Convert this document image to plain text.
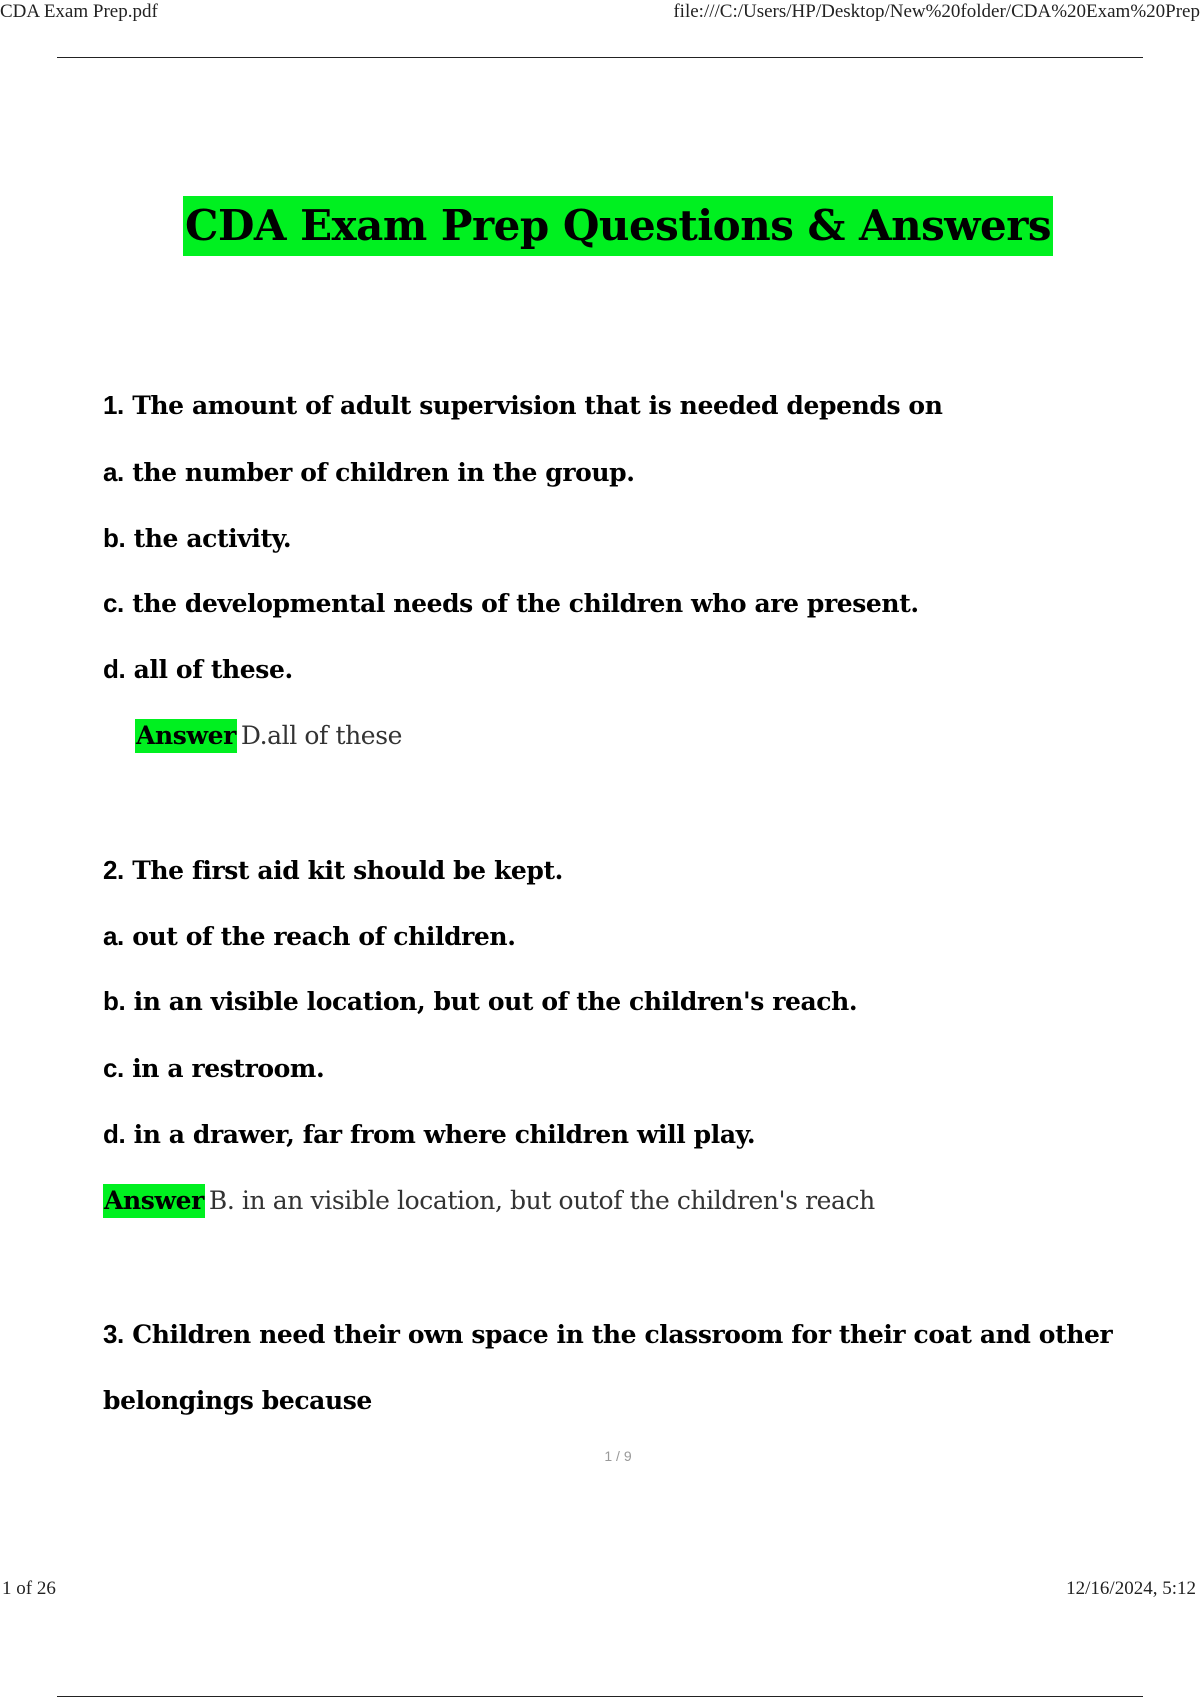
CDA Exam Prep.pdf	file:///C:/Users/HP/Desktop/New%20folder/CDA%20Exam%20Prep
CDA Exam Prep Questions & Answers
1. The amount of adult supervision that is needed depends on
a. the number of children in the group.
b. the activity.
c. the developmental needs of the children who are present.
d. all of these.
Answer D.all of these
2. The first aid kit should be kept.
a. out of the reach of children.
b. in an visible location, but out of the children's reach.
c. in a restroom.
d. in a drawer, far from where children will play.
Answer B. in an visible location, but outof the children's reach
3. Children need their own space in the classroom for their coat and other
belongings because
1 / 9
1 of 26	12/16/2024, 5:12
